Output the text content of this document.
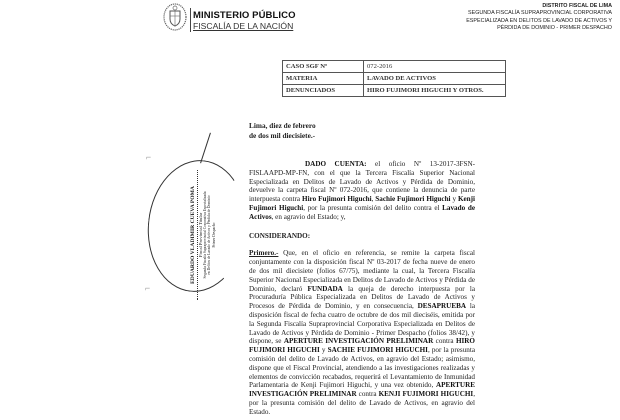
MINISTERIO PÚBLICO
FISCALÍA DE LA NACIÓN
DISTRITO FISCAL DE LIMA
SEGUNDA FISCALÍA SUPRAPROVINCIAL CORPORATIVA
ESPECIALIZADA EN DELITOS DE LAVADO DE ACTIVOS Y
PÉRDIDA DE DOMINIO - PRIMER DESPACHO
CASO SGF Nº	072-2016
MATERIA	LAVADO DE ACTIVOS
DENUNCIADOS	HIRO FUJIMORI HIGUCHI Y OTROS.
Lima, diez de febrero
de dos mil diecisiete.-
⌐
⌐
EDUARDO VLADIMIR CUEVA POMA Fiscal Provincial Titular Segunda Fiscalía Supraprovincial Corporativa Especializada en Delitos de Lavado de Activos y Pérdida de Dominio Primer Despacho

DADO CUENTA: el oficio Nº 13-2017-3FSN-FISLAAPD-MP-FN, con el que la Tercera Fiscalía Superior Nacional Especializada en Delitos de Lavado de Activos y Pérdida de Dominio, devuelve la carpeta fiscal Nº 072-2016, que contiene la denuncia de parte interpuesta contra Hiro Fujimori Higuchi, Sachie Fujimori Higuchi y Kenji Fujimori Higuchi, por la presunta comisión del delito contra el Lavado de Activos, en agravio del Estado; y,

CONSIDERANDO:

Primero.- Que, en el oficio en referencia, se remite la carpeta fiscal conjuntamente con la disposición fiscal Nº 03-2017 de fecha nueve de enero de dos mil diecisiete (folios 67/75), mediante la cual, la Tercera Fiscalía Superior Nacional Especializada en Delitos de Lavado de Activos y Pérdida de Dominio, declaró FUNDADA la queja de derecho interpuesta por la Procuraduría Pública Especializada en Delitos de Lavado de Activos y Procesos de Pérdida de Dominio, y en consecuencia, DESAPRUEBA la disposición fiscal de fecha cuatro de octubre de dos mil dieciséis, emitida por la Segunda Fiscalía Supraprovincial Corporativa Especializada en Delitos de Lavado de Activos y Pérdida de Dominio - Primer Despacho (folios 38/42), y dispone, se APERTURE INVESTIGACIÓN PRELIMINAR contra HIRO FUJIMORI HIGUCHI y SACHIE FUJIMORI HIGUCHI, por la presunta comisión del delito de Lavado de Activos, en agravio del Estado; asimismo, dispone que el Fiscal Provincial, atendiendo a las investigaciones realizadas y elementos de convicción recabados, requerirá el Levantamiento de Inmunidad Parlamentaria de Kenji Fujimori Higuchi, y una vez obtenido, APERTURE INVESTIGACIÓN PRELIMINAR contra KENJI FUJIMORI HIGUCHI, por la presunta comisión del delito de Lavado de Activos, en agravio del Estado.
